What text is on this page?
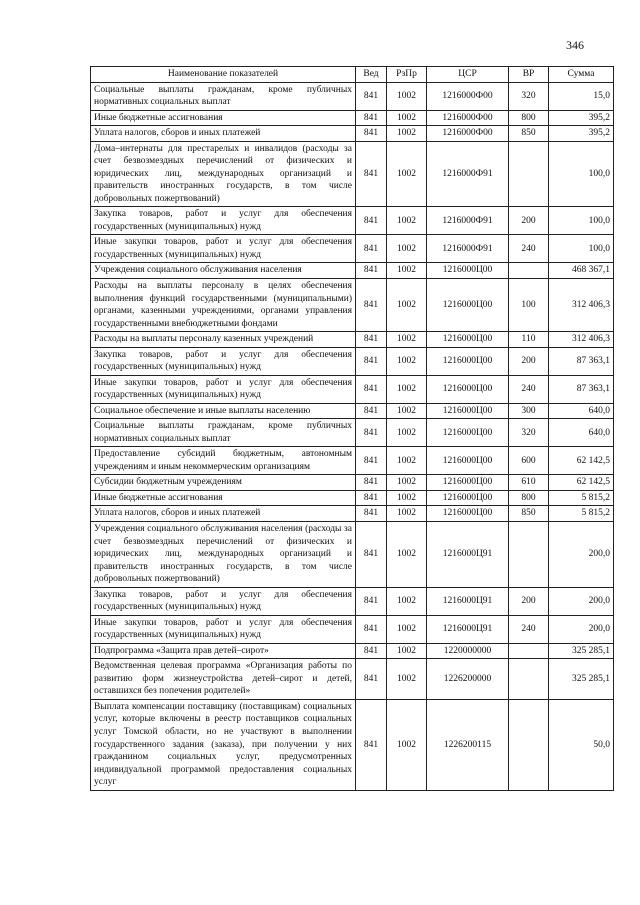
346
Наименование показателей	Вед	РзПр	ЦСР	ВР	Сумма
Социальные выплаты гражданам, кроме публичных нормативных социальных выплат	841	1002	1216000Ф00	320	15,0
Иные бюджетные ассигнования	841	1002	1216000Ф00	800	395,2
Уплата налогов, сборов и иных платежей	841	1002	1216000Ф00	850	395,2
Дома–интернаты для престарелых и инвалидов (расходы за счет безвозмездных перечислений от физических и юридических лиц, международных организаций и правительств иностранных государств, в том числе добровольных пожертвований)	841	1002	1216000Ф91		100,0
Закупка товаров, работ и услуг для обеспечения государственных (муниципальных) нужд	841	1002	1216000Ф91	200	100,0
Иные закупки товаров, работ и услуг для обеспечения государственных (муниципальных) нужд	841	1002	1216000Ф91	240	100,0
Учреждения социального обслуживания населения	841	1002	1216000Ц00		468 367,1
Расходы на выплаты персоналу в целях обеспечения выполнения функций государственными (муниципальными) органами, казенными учреждениями, органами управления государственными внебюджетными фондами	841	1002	1216000Ц00	100	312 406,3
Расходы на выплаты персоналу казенных учреждений	841	1002	1216000Ц00	110	312 406,3
Закупка товаров, работ и услуг для обеспечения государственных (муниципальных) нужд	841	1002	1216000Ц00	200	87 363,1
Иные закупки товаров, работ и услуг для обеспечения государственных (муниципальных) нужд	841	1002	1216000Ц00	240	87 363,1
Социальное обеспечение и иные выплаты населению	841	1002	1216000Ц00	300	640,0
Социальные выплаты гражданам, кроме публичных нормативных социальных выплат	841	1002	1216000Ц00	320	640,0
Предоставление субсидий бюджетным, автономным учреждениям и иным некоммерческим организациям	841	1002	1216000Ц00	600	62 142,5
Субсидии бюджетным учреждениям	841	1002	1216000Ц00	610	62 142,5
Иные бюджетные ассигнования	841	1002	1216000Ц00	800	5 815,2
Уплата налогов, сборов и иных платежей	841	1002	1216000Ц00	850	5 815,2
Учреждения социального обслуживания населения (расходы за счет безвозмездных перечислений от физических и юридических лиц, международных организаций и правительств иностранных государств, в том числе добровольных пожертвований)	841	1002	1216000Ц91		200,0
Закупка товаров, работ и услуг для обеспечения государственных (муниципальных) нужд	841	1002	1216000Ц91	200	200,0
Иные закупки товаров, работ и услуг для обеспечения государственных (муниципальных) нужд	841	1002	1216000Ц91	240	200,0
Подпрограмма «Защита прав детей–сирот»	841	1002	1220000000		325 285,1
Ведомственная целевая программа «Организация работы по развитию форм жизнеустройства детей–сирот и детей, оставшихся без попечения родителей»	841	1002	1226200000		325 285,1
Выплата компенсации поставщику (поставщикам) социальных услуг, которые включены в реестр поставщиков социальных услуг Томской области, но не участвуют в выполнении государственного задания (заказа), при получении у них гражданином социальных услуг, предусмотренных индивидуальной программой предоставления социальных услуг	841	1002	1226200115		50,0
